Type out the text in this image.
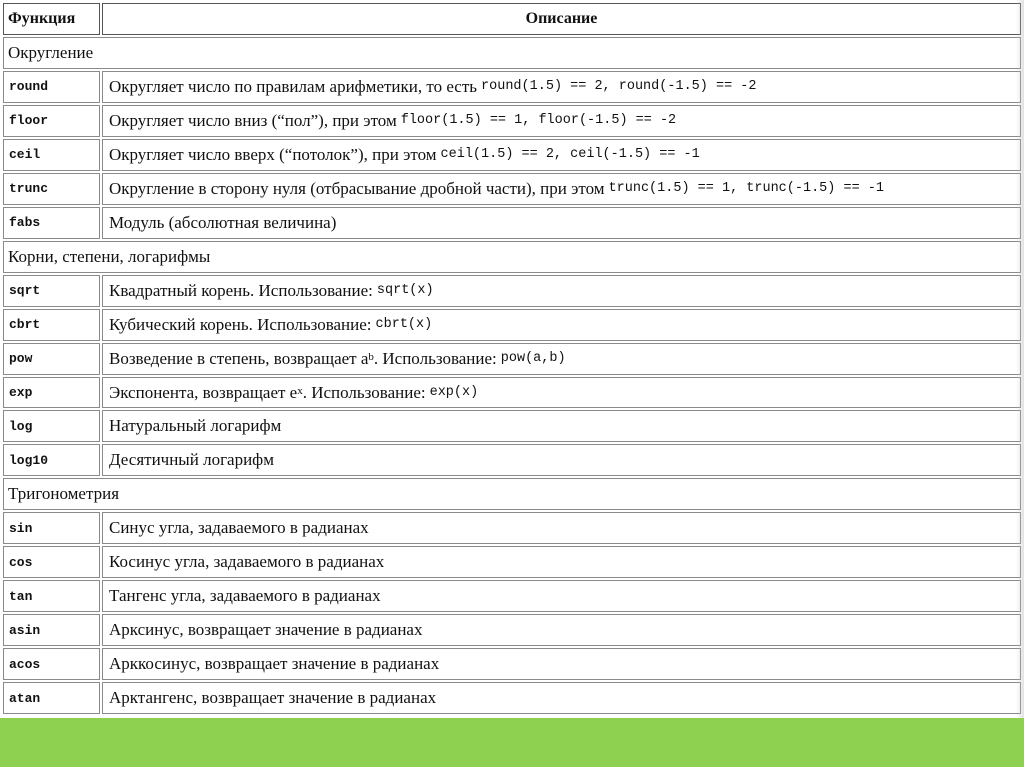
Функция	Описание
Округление
round	Округляет число по правилам арифметики, то есть round(1.5) == 2, round(-1.5) == -2
floor	Округляет число вниз (“пол”), при этом floor(1.5) == 1, floor(-1.5) == -2
ceil	Округляет число вверх (“потолок”), при этом ceil(1.5) == 2, ceil(-1.5) == -1
trunc	Округление в сторону нуля (отбрасывание дробной части), при этом trunc(1.5) == 1, trunc(-1.5) == -1
fabs	Модуль (абсолютная величина)
Корни, степени, логарифмы
sqrt	Квадратный корень. Использование: sqrt(x)
cbrt	Кубический корень. Использование: cbrt(x)
pow	Возведение в степень, возвращает $a^b$ . Использование: pow(a,b)
exp	Экспонента, возвращает $e^x$ . Использование: exp(x)
log	Натуральный логарифм
log10	Десятичный логарифм
Тригонометрия
sin	Синус угла, задаваемого в радианах
cos	Косинус угла, задаваемого в радианах
tan	Тангенс угла, задаваемого в радианах
asin	Арксинус, возвращает значение в радианах
acos	Арккосинус, возвращает значение в радианах
atan	Арктангенс, возвращает значение в радианах
